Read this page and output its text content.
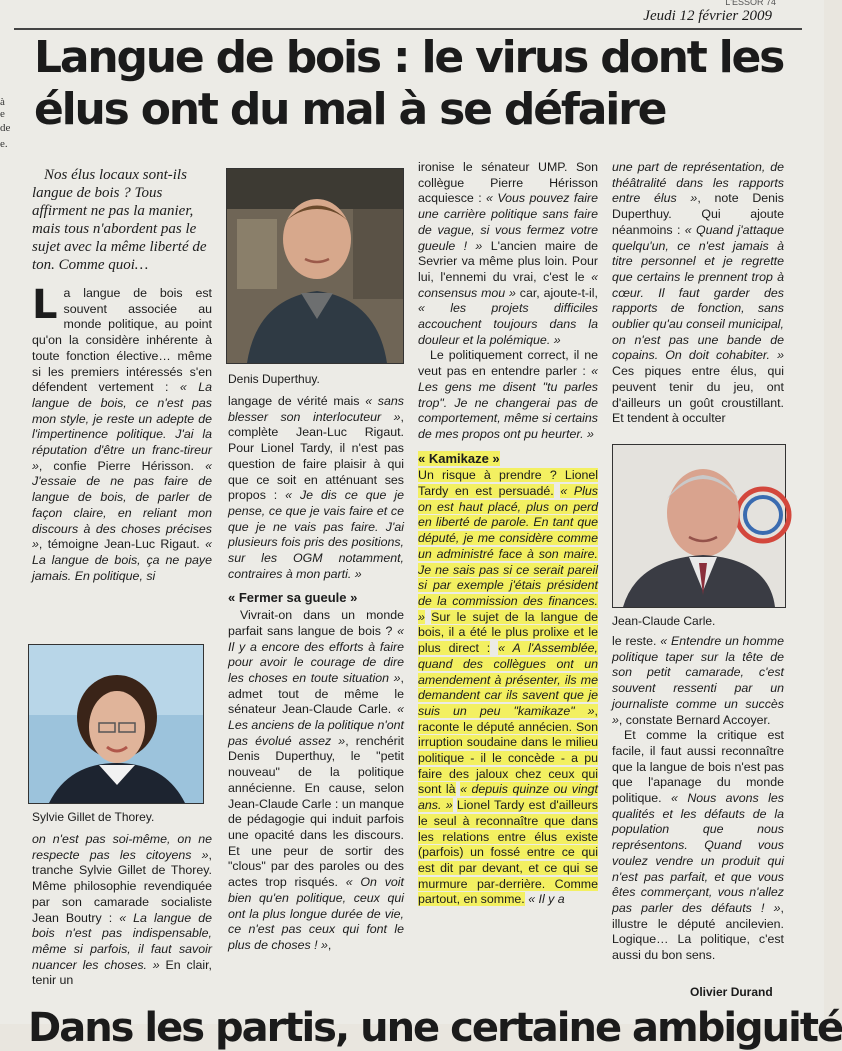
L'ESSOR 74
Jeudi 12 février 2009
Langue de bois : le virus dont les élus ont du mal à se défaire
à
e
de
e.

Nos élus locaux sont-ils langue de bois ? Tous affirment ne pas la manier, mais tous n'abordent pas le sujet avec la même liberté de ton. Comme quoi…

La langue de bois est souvent associée au monde politique, au point qu'on la considère inhérente à toute fonction élective… même si les premiers intéressés s'en défendent vertement : « La langue de bois, ce n'est pas mon style, je reste un adepte de l'impertinence politique. J'ai la réputation d'être un franc-tireur », confie Pierre Hérisson. « J'essaie de ne pas faire de langue de bois, de parler de façon claire, en reliant mon discours à des choses précises », témoigne Jean-Luc Rigaut. « La langue de bois, ça ne paye jamais. En politique, si

Sylvie Gillet de Thorey.

on n'est pas soi-même, on ne respecte pas les citoyens », tranche Sylvie Gillet de Thorey. Même philosophie revendiquée par son camarade socialiste Jean Boutry : « La langue de bois n'est pas indispensable, même si parfois, il faut savoir nuancer les choses. » En clair, tenir un

Denis Duperthuy.

langage de vérité mais « sans blesser son interlocuteur », complète Jean-Luc Rigaut. Pour Lionel Tardy, il n'est pas question de faire plaisir à qui que ce soit en atténuant ses propos : « Je dis ce que je pense, ce que je vais faire et ce que je ne vais pas faire. J'ai plusieurs fois pris des positions, sur les OGM notamment, contraires à mon parti. »

« Fermer sa gueule »

Vivrait-on dans un monde parfait sans langue de bois ? « Il y a encore des efforts à faire pour avoir le courage de dire les choses en toute situation », admet tout de même le sénateur Jean-Claude Carle. « Les anciens de la politique n'ont pas évolué assez », renchérit Denis Duperthuy, le "petit nouveau" de la politique annécienne. En cause, selon Jean-Claude Carle : un manque de pédagogie qui induit parfois une opacité dans les discours. Et une peur de sortir des "clous" par des paroles ou des actes trop risqués. « On voit bien qu'en politique, ceux qui ont la plus longue durée de vie, ce n'est pas ceux qui font le plus de choses ! »,

ironise le sénateur UMP. Son collègue Pierre Hérisson acquiesce : « Vous pouvez faire une carrière politique sans faire de vague, si vous fermez votre gueule ! » L'ancien maire de Sevrier va même plus loin. Pour lui, l'ennemi du vrai, c'est le « consensus mou » car, ajoute-t-il, « les projets difficiles accouchent toujours dans la douleur et la polémique. »

Le politiquement correct, il ne veut pas en entendre parler : « Les gens me disent "tu parles trop". Je ne changerai pas de comportement, même si certains de mes propos ont pu heurter. »

« Kamikaze »

Un risque à prendre ? Lionel Tardy en est persuadé. « Plus on est haut placé, plus on perd en liberté de parole. En tant que député, je me considère comme un administré face à son maire. Je ne sais pas si ce serait pareil si par exemple j'étais président de la commission des finances. » Sur le sujet de la langue de bois, il a été le plus prolixe et le plus direct : « A l'Assemblée, quand des collègues ont un amendement à présenter, ils me demandent car ils savent que je suis un peu "kamikaze" », raconte le député annécien. Son irruption soudaine dans le milieu politique - il le concède - a pu faire des jaloux chez ceux qui sont là « depuis quinze ou vingt ans. » Lionel Tardy est d'ailleurs le seul à reconnaître que dans les relations entre élus existe (parfois) un fossé entre ce qui est dit par devant, et ce qui se murmure par-derrière. Comme partout, en somme. « Il y a

une part de représentation, de théâtralité dans les rapports entre élus », note Denis Duperthuy. Qui ajoute néanmoins : « Quand j'attaque quelqu'un, ce n'est jamais à titre personnel et je regrette que certains le prennent trop à cœur. Il faut garder des rapports de fonction, sans oublier qu'au conseil municipal, on n'est pas une bande de copains. On doit cohabiter. » Ces piques entre élus, qui peuvent tenir du jeu, ont d'ailleurs un goût croustillant. Et tendent à occulter

Jean-Claude Carle.

le reste. « Entendre un homme politique taper sur la tête de son petit camarade, c'est souvent ressenti par un journaliste comme un succès », constate Bernard Accoyer.

Et comme la critique est facile, il faut aussi reconnaître que la langue de bois n'est pas que l'apanage du monde politique. « Nous avons les qualités et les défauts de la population que nous représentons. Quand vous voulez vendre un produit qui n'est pas parfait, et que vous êtes commerçant, vous n'allez pas parler des défauts ! », illustre le député ancilevien. Logique… La politique, c'est aussi du bon sens.

Olivier Durand
Dans les partis, une certaine ambiguité
